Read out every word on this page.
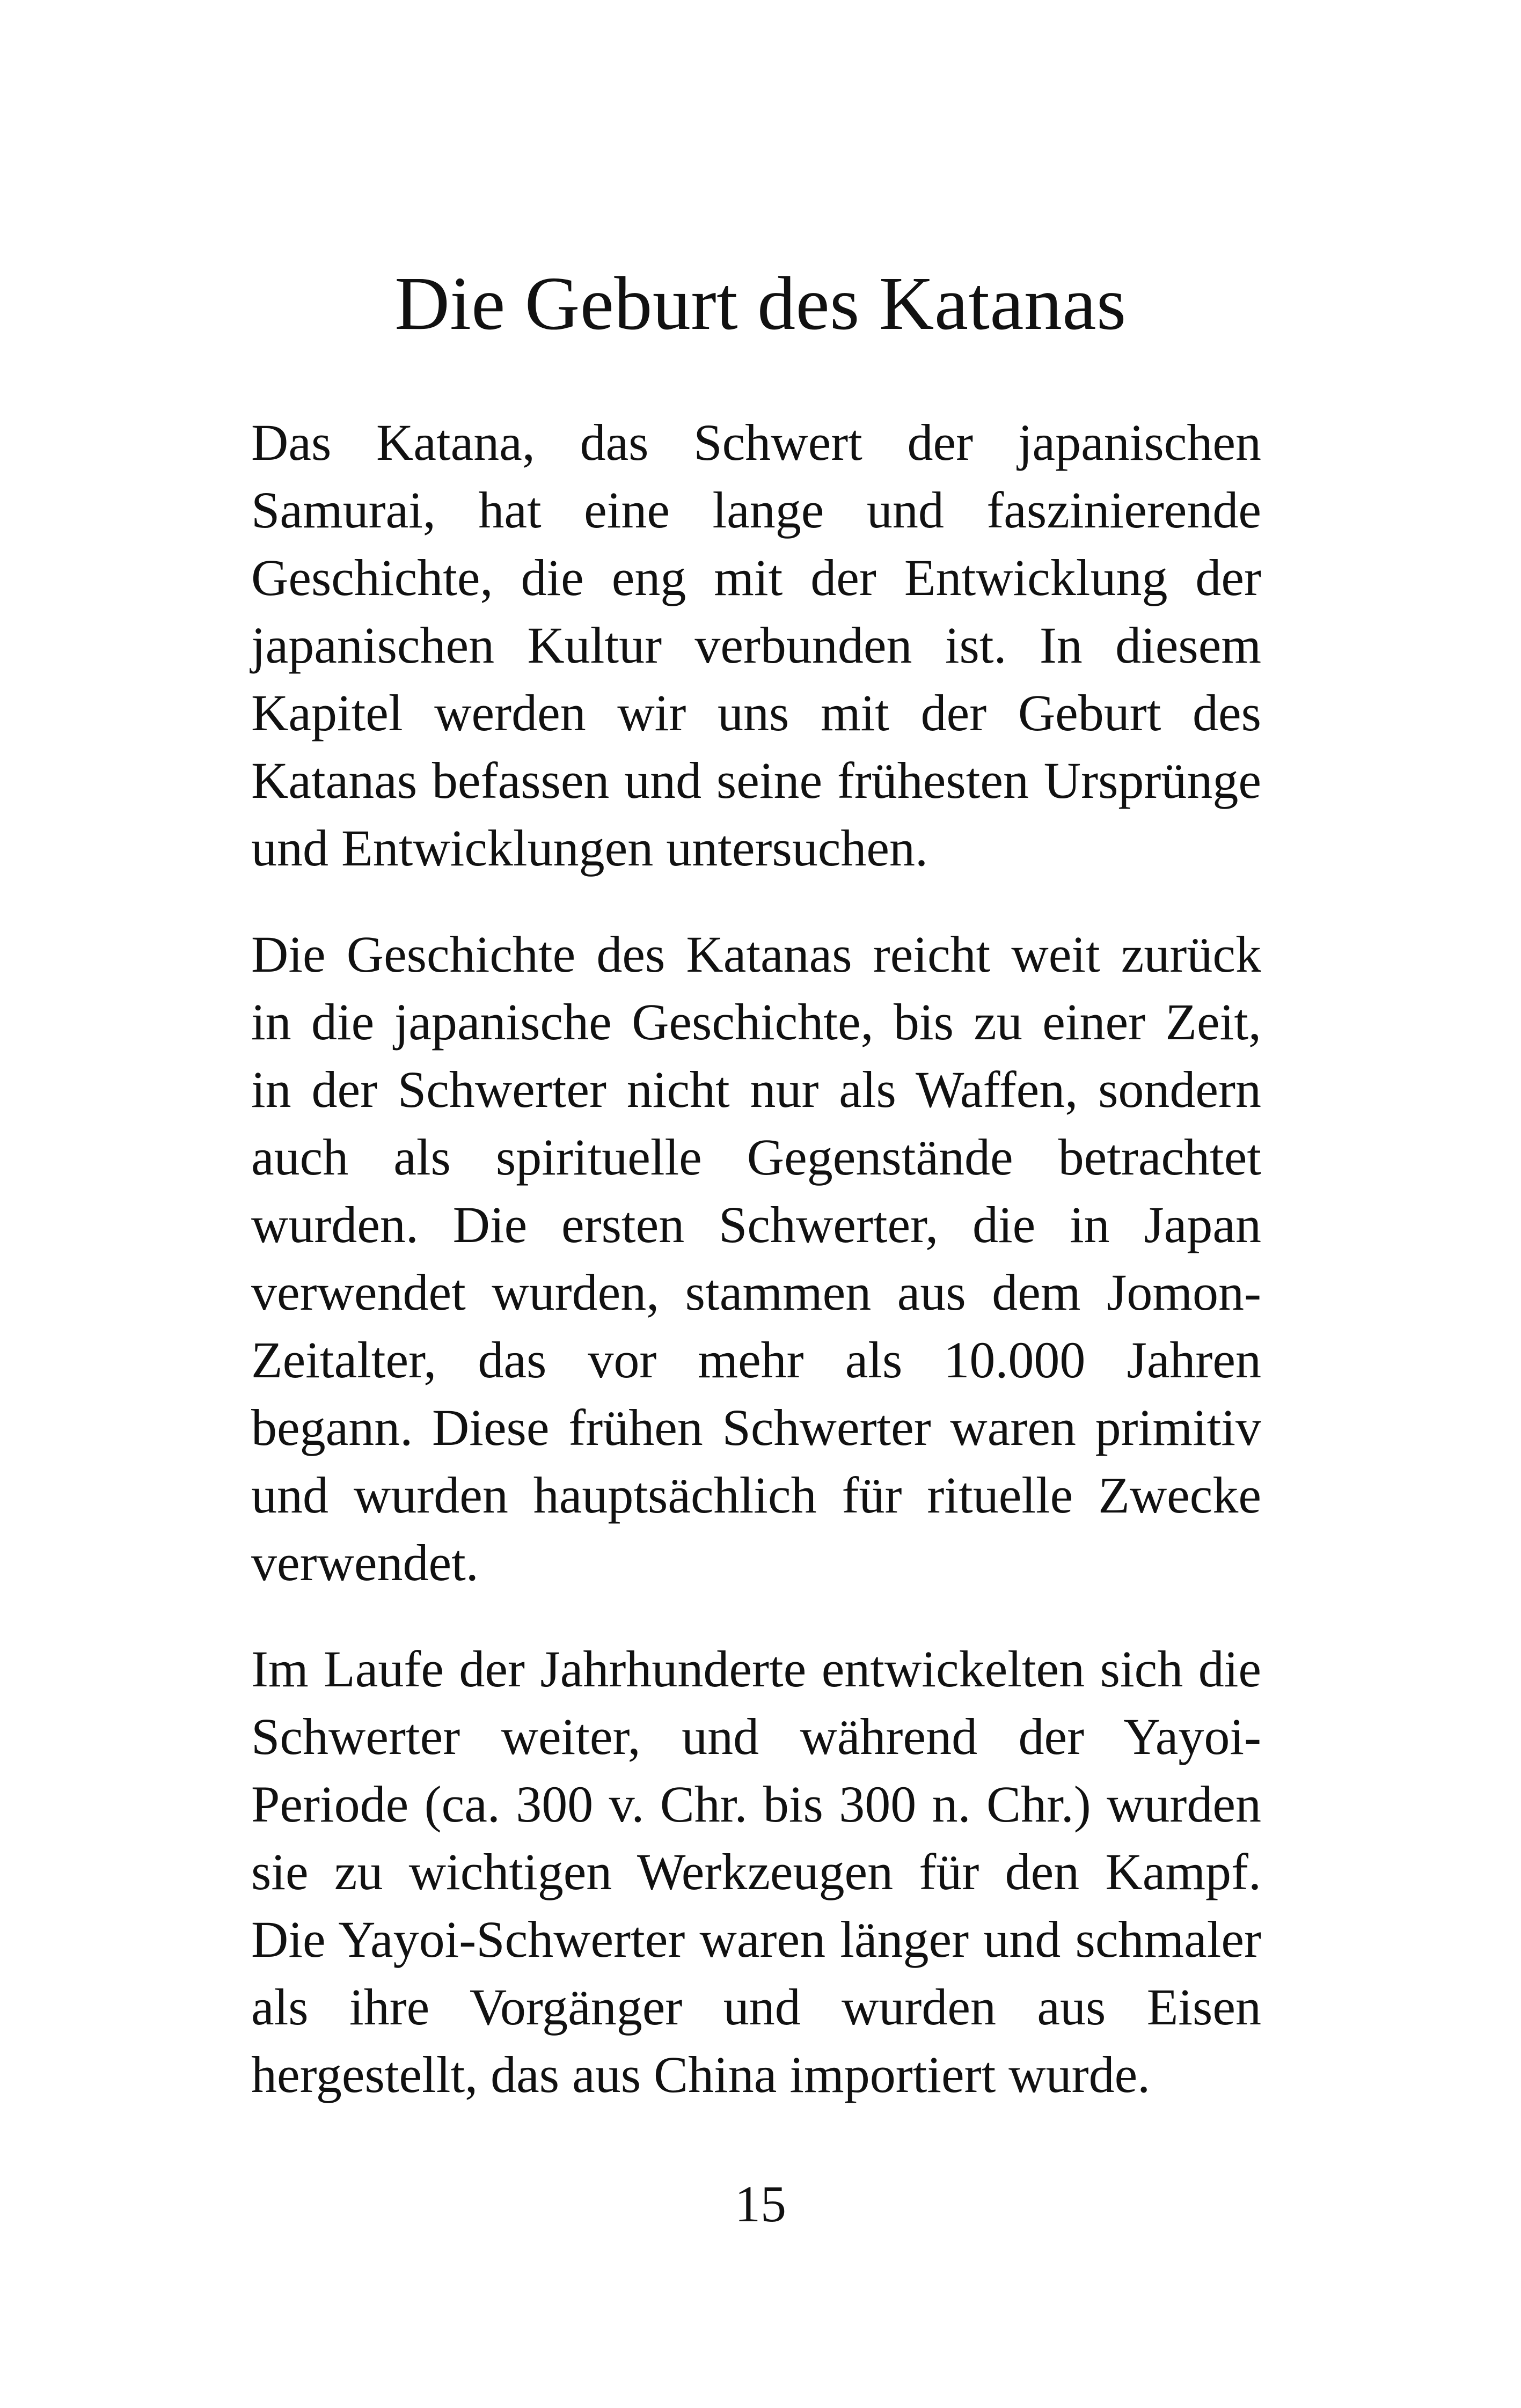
Die Geburt des Katanas

Das Katana, das Schwert der japanischen Samurai, hat eine lange und faszinierende Geschichte, die eng mit der Entwicklung der japanischen Kultur verbunden ist. In diesem Kapitel werden wir uns mit der Geburt des Katanas befassen und seine frühesten Ursprünge und Entwicklungen untersuchen.

Die Geschichte des Katanas reicht weit zurück in die japanische Geschichte, bis zu einer Zeit, in der Schwerter nicht nur als Waffen, sondern auch als spirituelle Gegenstände betrachtet wurden. Die ersten Schwerter, die in Japan verwendet wurden, stammen aus dem Jomon-Zeitalter, das vor mehr als 10.000 Jahren begann. Diese frühen Schwerter waren primitiv und wurden hauptsächlich für rituelle Zwecke verwendet.

Im Laufe der Jahrhunderte entwickelten sich die Schwerter weiter, und während der Yayoi-Periode (ca. 300 v. Chr. bis 300 n. Chr.) wurden sie zu wichtigen Werkzeugen für den Kampf. Die Yayoi-Schwerter waren länger und schmaler als ihre Vorgänger und wurden aus Eisen hergestellt, das aus China importiert wurde.

15
